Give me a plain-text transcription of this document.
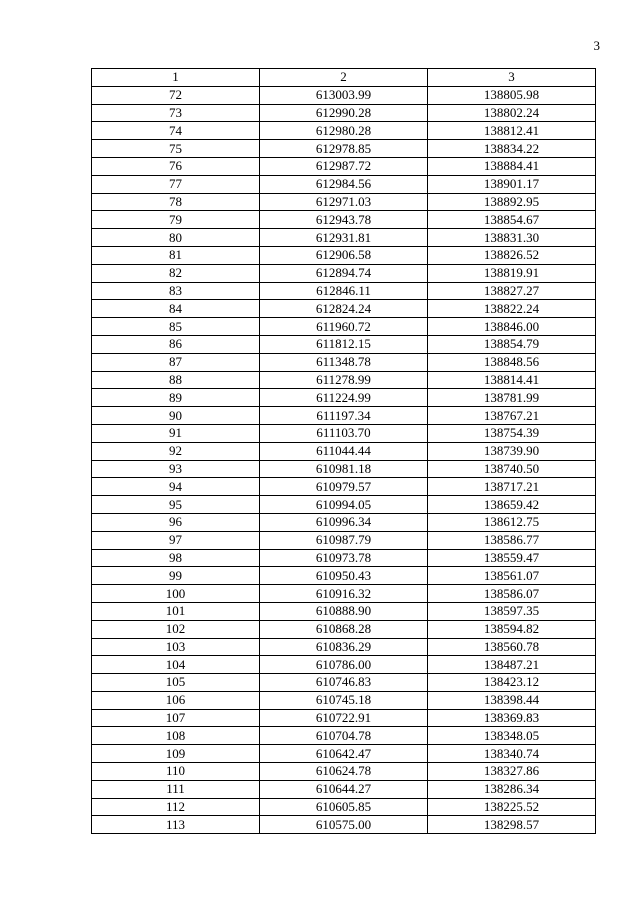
3
1	2	3
72	613003.99	138805.98
73	612990.28	138802.24
74	612980.28	138812.41
75	612978.85	138834.22
76	612987.72	138884.41
77	612984.56	138901.17
78	612971.03	138892.95
79	612943.78	138854.67
80	612931.81	138831.30
81	612906.58	138826.52
82	612894.74	138819.91
83	612846.11	138827.27
84	612824.24	138822.24
85	611960.72	138846.00
86	611812.15	138854.79
87	611348.78	138848.56
88	611278.99	138814.41
89	611224.99	138781.99
90	611197.34	138767.21
91	611103.70	138754.39
92	611044.44	138739.90
93	610981.18	138740.50
94	610979.57	138717.21
95	610994.05	138659.42
96	610996.34	138612.75
97	610987.79	138586.77
98	610973.78	138559.47
99	610950.43	138561.07
100	610916.32	138586.07
101	610888.90	138597.35
102	610868.28	138594.82
103	610836.29	138560.78
104	610786.00	138487.21
105	610746.83	138423.12
106	610745.18	138398.44
107	610722.91	138369.83
108	610704.78	138348.05
109	610642.47	138340.74
110	610624.78	138327.86
111	610644.27	138286.34
112	610605.85	138225.52
113	610575.00	138298.57
